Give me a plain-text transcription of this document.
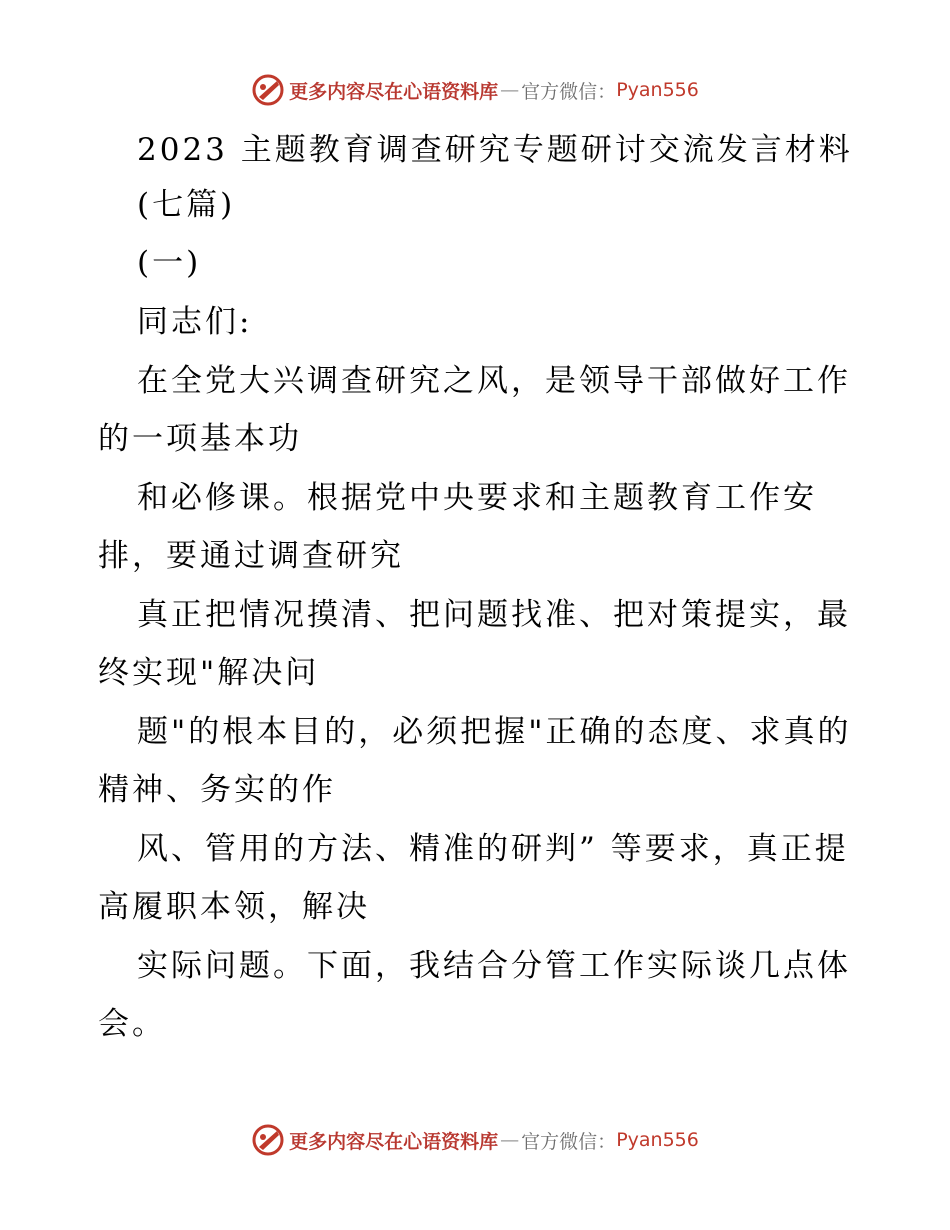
更多内容尽在心语资料库 — 官方微信： Pyan556
2023 主题教育调查研究专题研讨交流发言材料
(七篇)
(一)
同志们:
在全党大兴调查研究之风，是领导干部做好工作
的一项基本功
和必修课。根据党中央要求和主题教育工作安
排，要通过调查研究
真正把情况摸清、把问题找准、把对策提实，最
终实现"解决问
题"的根本目的，必须把握"正确的态度、求真的
精神、务实的作
风、管用的方法、精准的研判” 等要求，真正提
高履职本领，解决
实际问题。下面，我结合分管工作实际谈几点体
会。
更多内容尽在心语资料库 — 官方微信： Pyan556
